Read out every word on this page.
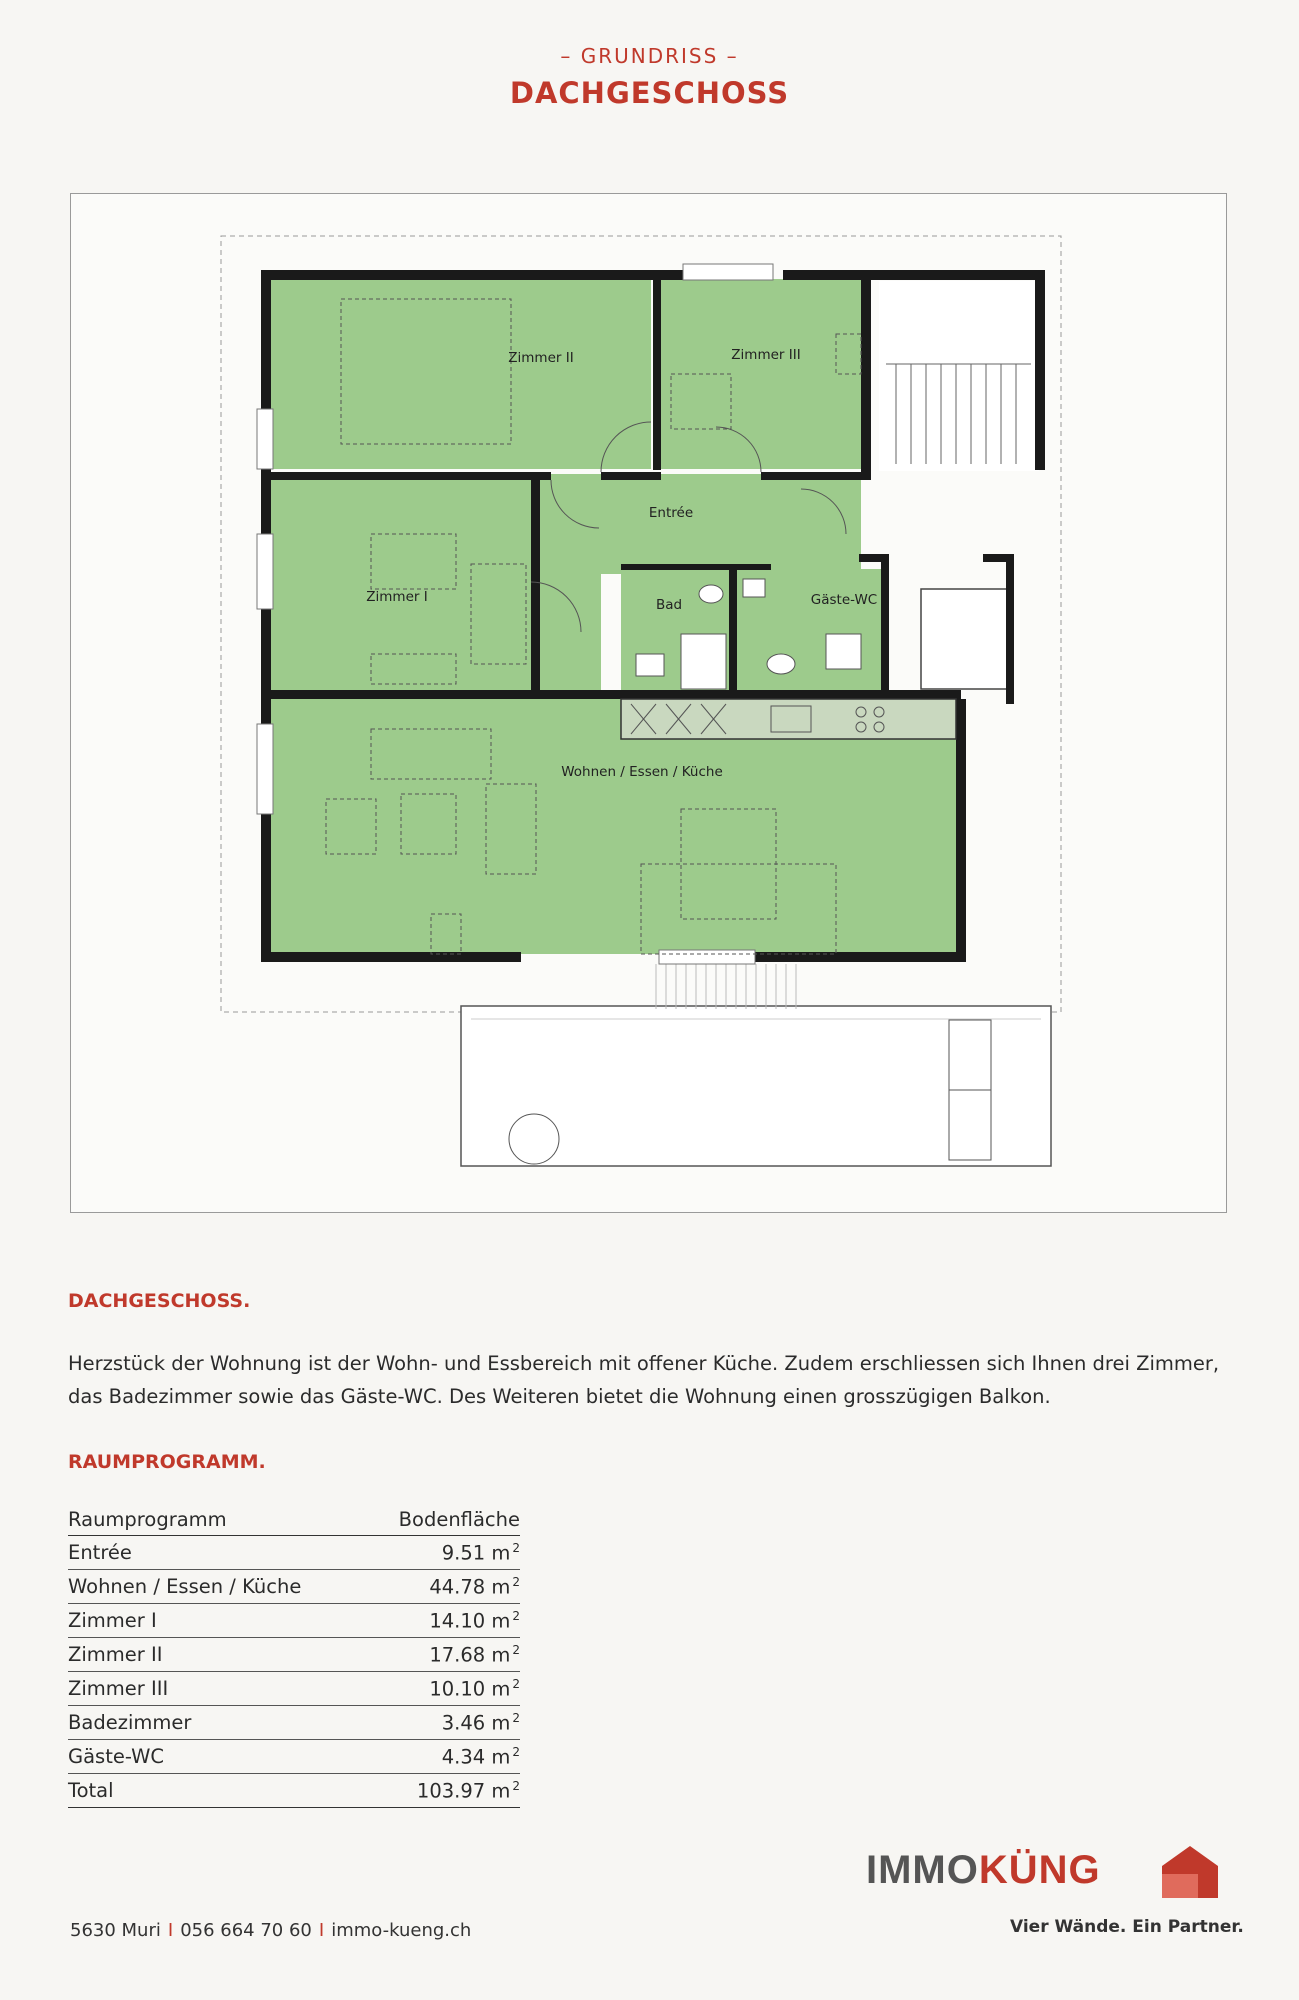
– GRUNDRISS –
DACHGESCHOSS
Zimmer II	Zimmer III
Entrée
Zimmer I	Bad	Gäste-WC
Wohnen / Essen / Küche
DACHGESCHOSS.
Herzstück der Wohnung ist der Wohn- und Essbereich mit offener Küche. Zudem erschliessen sich Ihnen drei Zimmer, das Badezimmer sowie das Gäste-WC. Des Weiteren bietet die Wohnung einen grosszügigen Balkon.
RAUMPROGRAMM.
Raumprogramm	Bodenfläche
Entrée	9.51 m $^2$
Wohnen / Essen / Küche	44.78 m $^2$
Zimmer I	14.10 m $^2$
Zimmer II	17.68 m $^2$
Zimmer III	10.10 m $^2$
Badezimmer	3.46 m $^2$
Gäste-WC	4.34 m $^2$
Total	103.97 m $^2$
5630 Muri I 056 664 70 60 I immo-kueng.ch
IMMOKÜNG
Vier Wände. Ein Partner.
